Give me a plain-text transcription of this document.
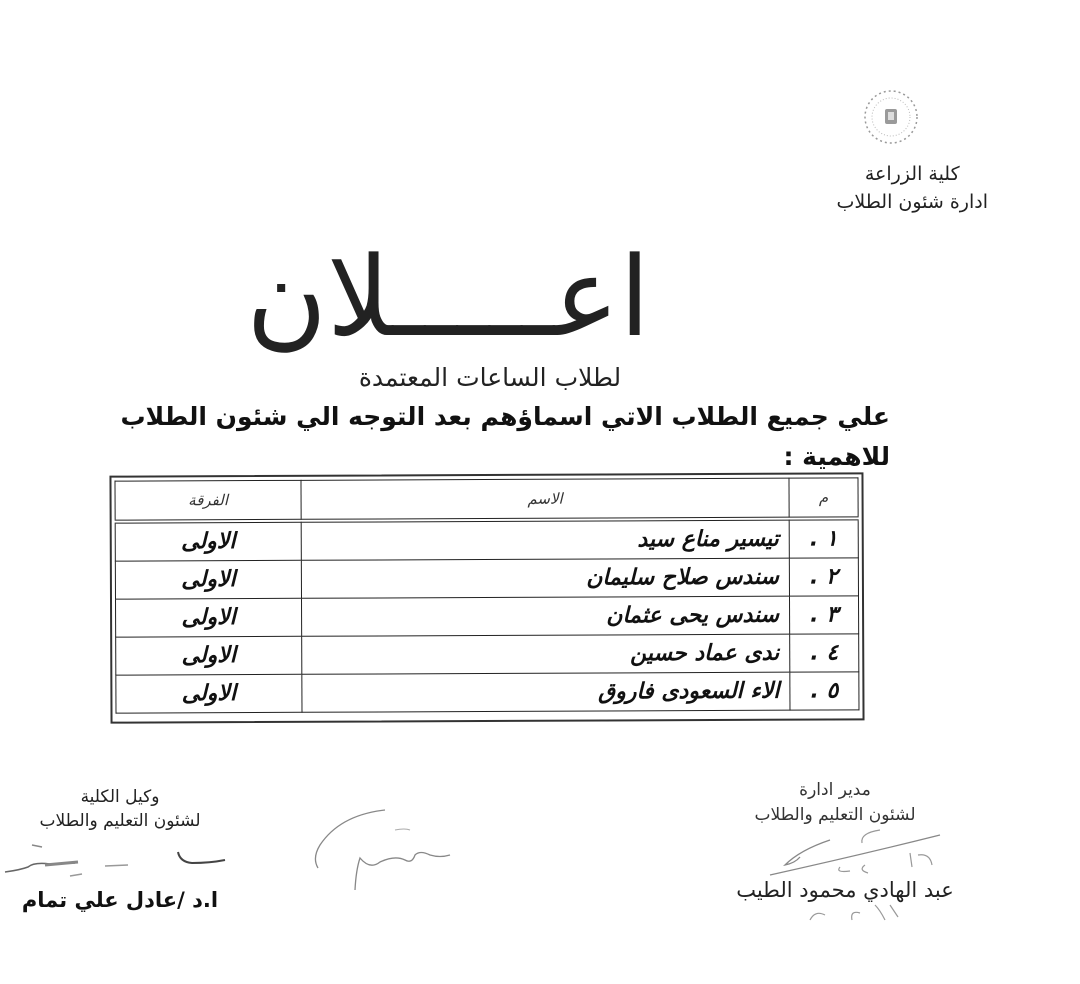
كلية الزراعة
ادارة شئون الطلاب
اعـــــلان
لطلاب الساعات المعتمدة
علي جميع الطلاب الاتي اسماؤهم بعد التوجه الي شئون الطلاب للاهمية :
م	الاسم	الفرقة
١ .	تيسير مناع سيد	الاولى
٢ .	سندس صلاح سليمان	الاولى
٣ .	سندس يحى عثمان	الاولى
٤ .	ندى عماد حسين	الاولى
٥ .	الاء السعودى فاروق	الاولى
وكيل الكلية
لشئون التعليم والطلاب
ا.د /عادل علي تمام
مدير ادارة
لشئون التعليم والطلاب
عبد الهادي محمود الطيب
